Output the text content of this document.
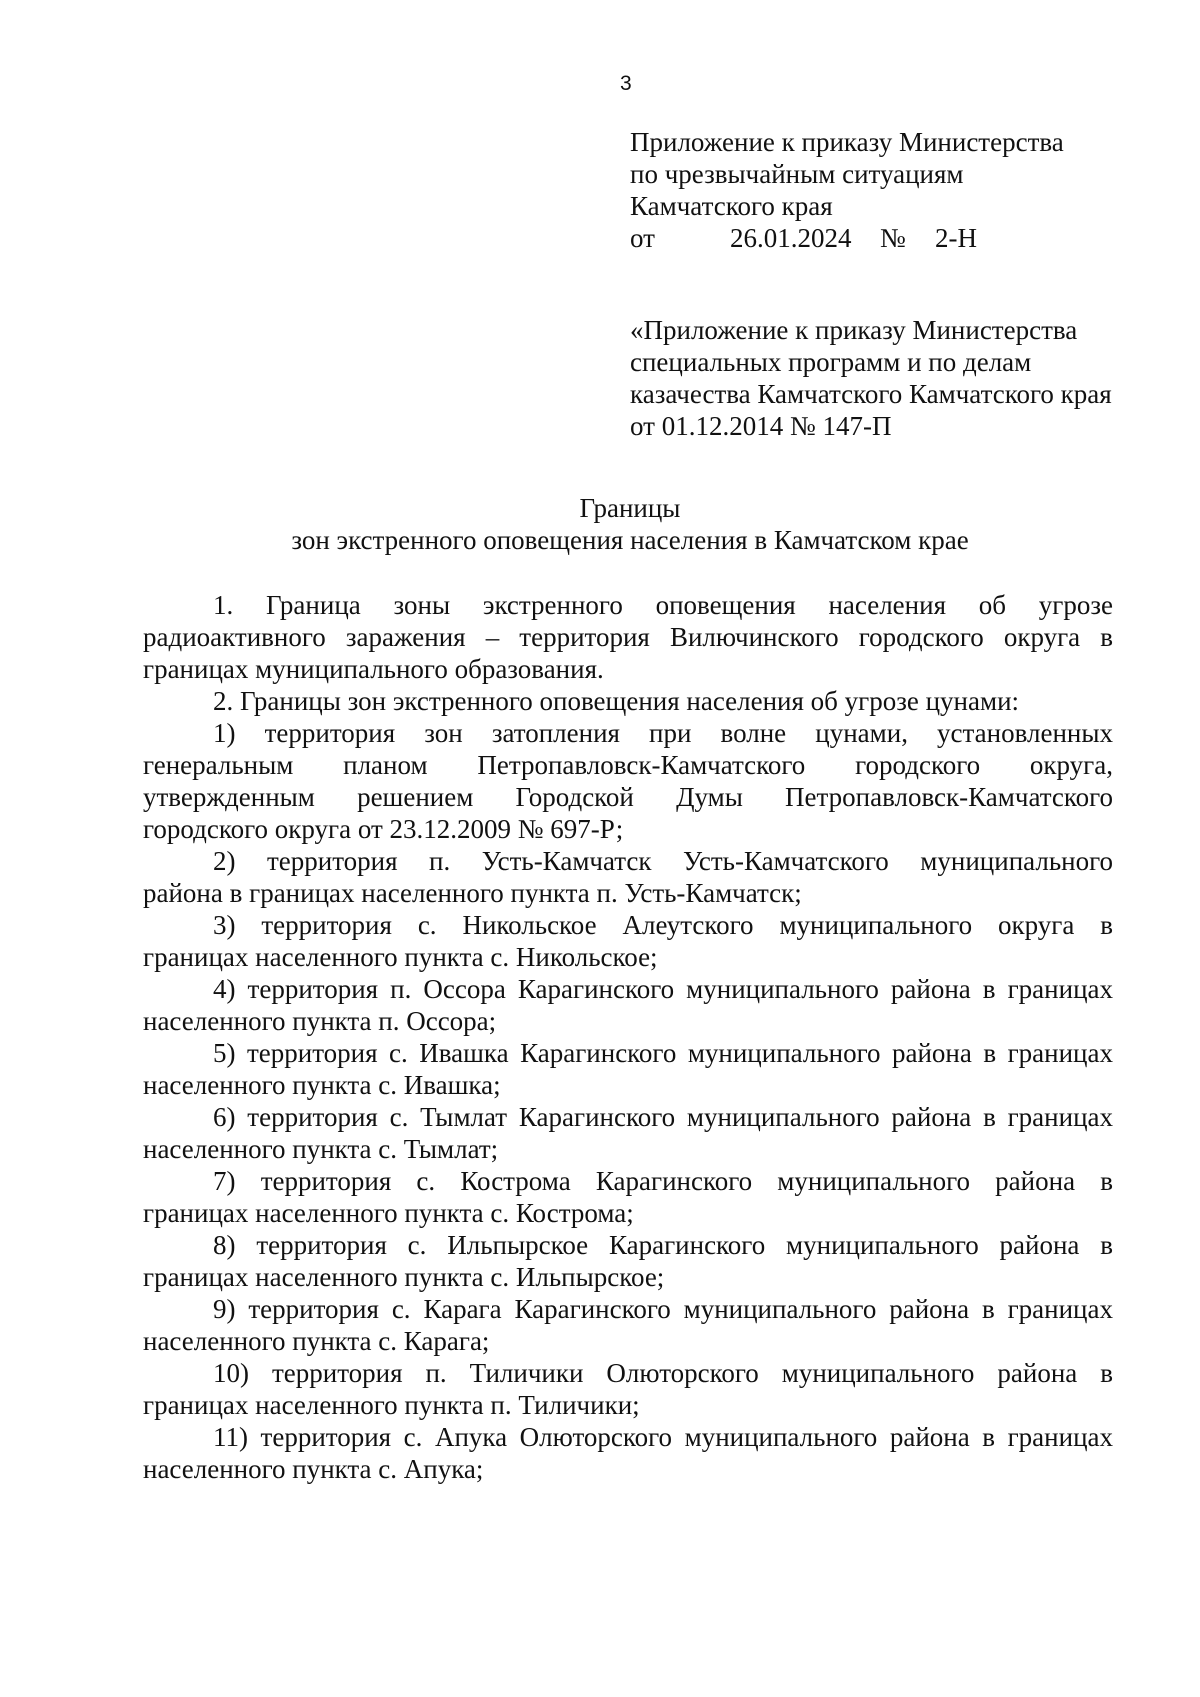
3
Приложение к приказу Министерства
по чрезвычайным ситуациям
Камчатского края
от	26.01.2024	№	2-Н
«Приложение к приказу Министерства
специальных программ и по делам
казачества Камчатского Камчатского края
от 01.12.2014 № 147-П
Границы
зон экстренного оповещения населения в Камчатском крае

1. Граница зоны экстренного оповещения населения об угрозе
радиоактивного заражения – территория Вилючинского городского округа в
границах муниципального образования.

2. Границы зон экстренного оповещения населения об угрозе цунами:

1) территория зон затопления при волне цунами, установленных
генеральным планом Петропавловск-Камчатского городского округа,
утвержденным решением Городской Думы Петропавловск-Камчатского
городского округа от 23.12.2009 № 697-Р;

2) территория п. Усть-Камчатск Усть-Камчатского муниципального
района в границах населенного пункта п. Усть-Камчатск;

3) территория с. Никольское Алеутского муниципального округа в
границах населенного пункта с. Никольское;

4) территория п. Оссора Карагинского муниципального района в границах
населенного пункта п. Оссора;

5) территория с. Ивашка Карагинского муниципального района в границах
населенного пункта с. Ивашка;

6) территория с. Тымлат Карагинского муниципального района в границах
населенного пункта с. Тымлат;

7) территория с. Кострома Карагинского муниципального района в
границах населенного пункта с. Кострома;

8) территория с. Ильпырское Карагинского муниципального района в
границах населенного пункта с. Ильпырское;

9) территория с. Карага Карагинского муниципального района в границах
населенного пункта с. Карага;

10) территория п. Тиличики Олюторского муниципального района в
границах населенного пункта п. Тиличики;

11) территория с. Апука Олюторского муниципального района в границах
населенного пункта с. Апука;
